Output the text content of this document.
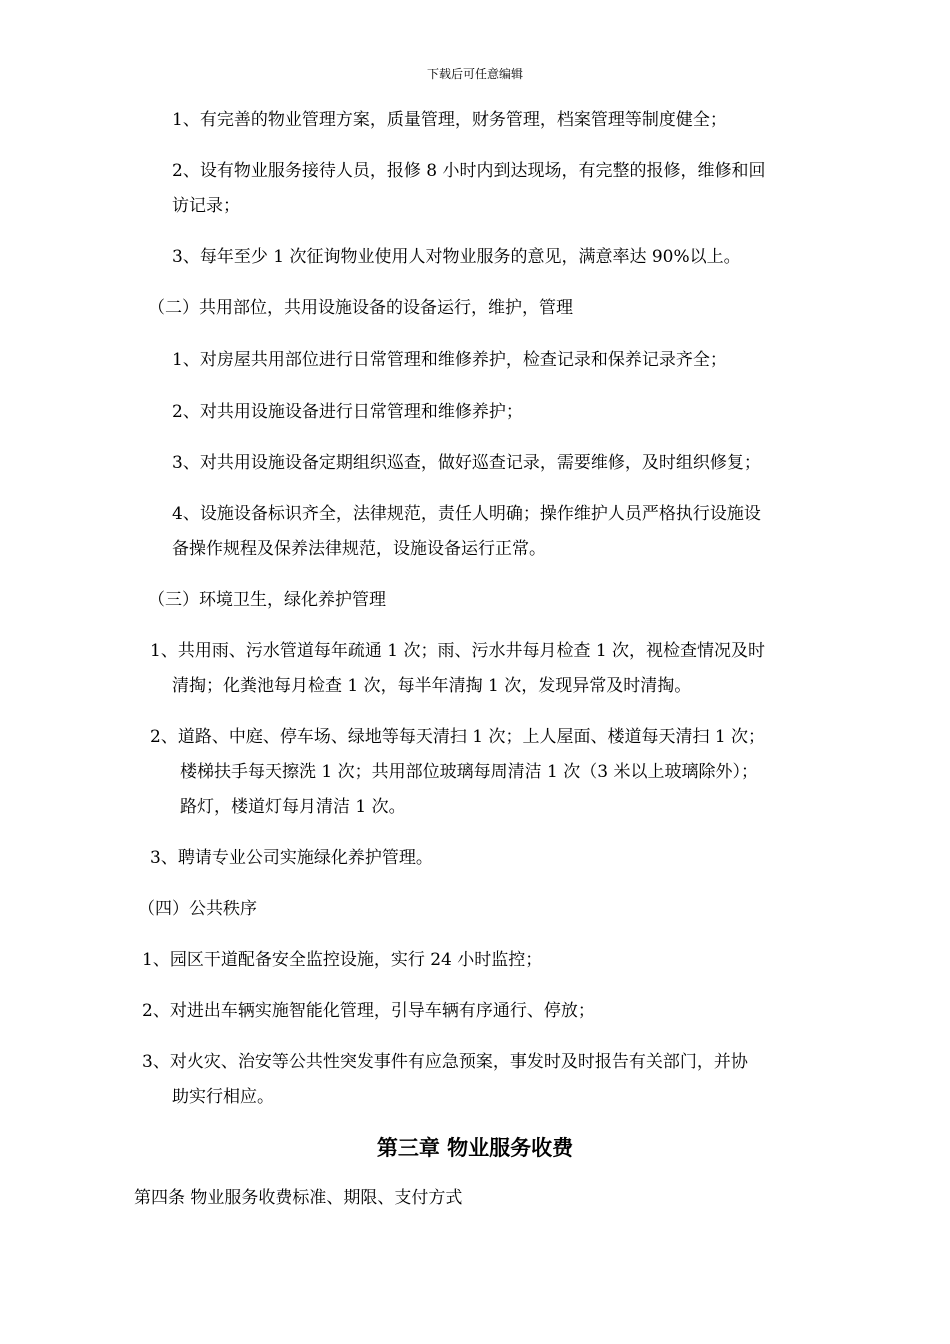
下载后可任意编辑
1、有完善的物业管理方案，质量管理，财务管理，档案管理等制度健全；
2、设有物业服务接待人员，报修 8 小时内到达现场，有完整的报修，维修和回
访记录；
3、每年至少 1 次征询物业使用人对物业服务的意见，满意率达 90%以上。
（二）共用部位，共用设施设备的设备运行，维护，管理
1、对房屋共用部位进行日常管理和维修养护，检查记录和保养记录齐全；
2、对共用设施设备进行日常管理和维修养护；
3、对共用设施设备定期组织巡查，做好巡查记录，需要维修，及时组织修复；
4、设施设备标识齐全，法律规范，责任人明确；操作维护人员严格执行设施设
备操作规程及保养法律规范，设施设备运行正常。
（三）环境卫生，绿化养护管理
1、共用雨、污水管道每年疏通 1 次；雨、污水井每月检查 1 次，视检查情况及时
清掏；化粪池每月检查 1 次，每半年清掏 1 次，发现异常及时清掏。
2、道路、中庭、停车场、绿地等每天清扫 1 次；上人屋面、楼道每天清扫 1 次；
楼梯扶手每天擦洗 1 次；共用部位玻璃每周清洁 1 次（3 米以上玻璃除外）；
路灯，楼道灯每月清洁 1 次。
3、聘请专业公司实施绿化养护管理。
（四）公共秩序
1、园区干道配备安全监控设施，实行 24 小时监控；
2、对进出车辆实施智能化管理，引导车辆有序通行、停放；
3、对火灾、治安等公共性突发事件有应急预案，事发时及时报告有关部门，并协
助实行相应。
第三章 物业服务收费
第四条 物业服务收费标准、期限、支付方式
